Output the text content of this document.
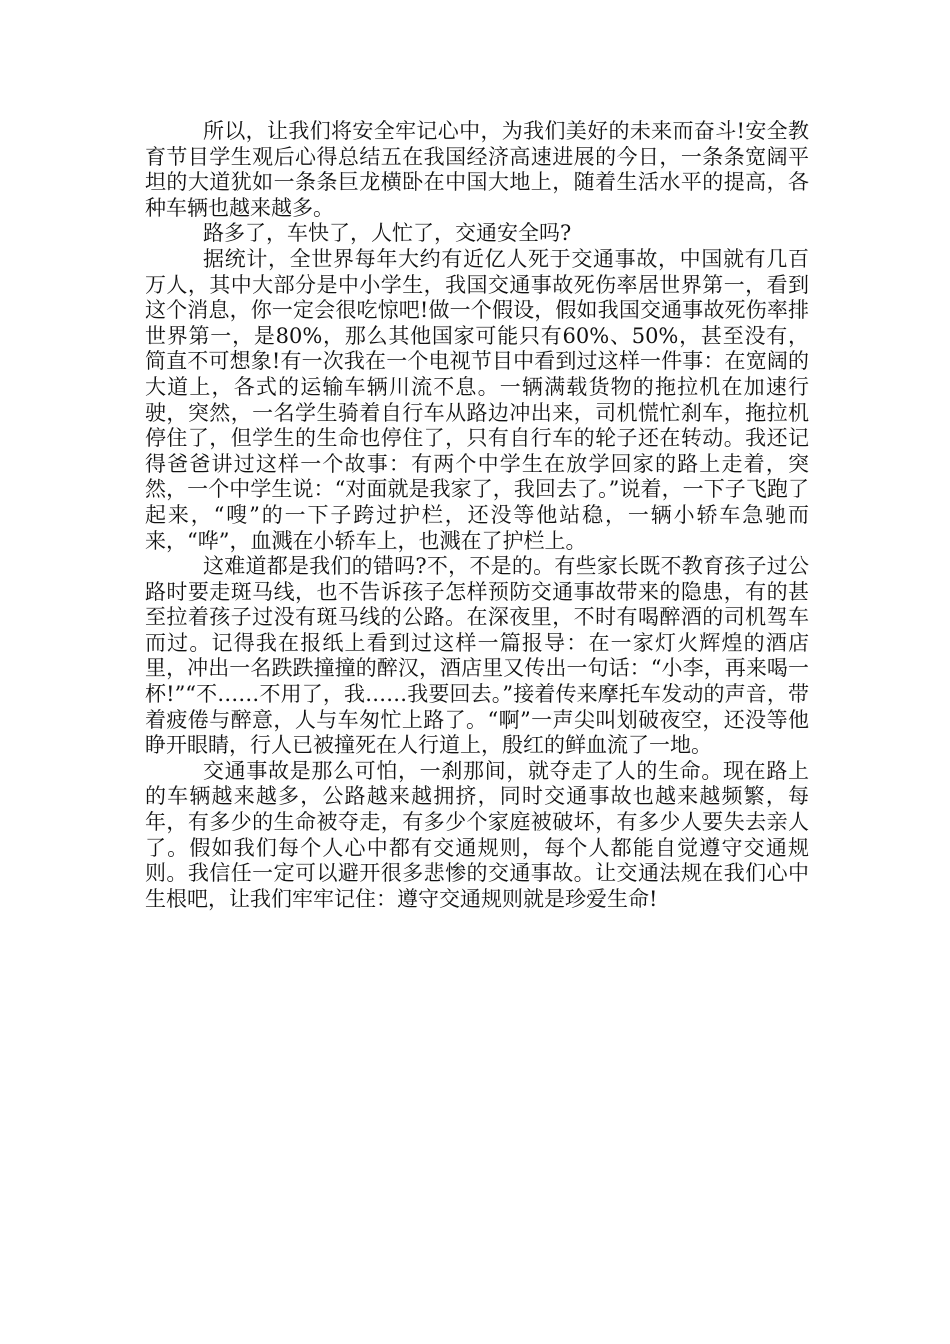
所以，让我们将安全牢记心中，为我们美好的未来而奋斗!安全教育节目学生观后心得总结五在我国经济高速进展的今日，一条条宽阔平坦的大道犹如一条条巨龙横卧在中国大地上，随着生活水平的提高，各种车辆也越来越多。

路多了，车快了，人忙了，交通安全吗?

据统计，全世界每年大约有近亿人死于交通事故，中国就有几百万人，其中大部分是中小学生，我国交通事故死伤率居世界第一，看到这个消息，你一定会很吃惊吧!做一个假设，假如我国交通事故死伤率排世界第一，是80%，那么其他国家可能只有60%、50%，甚至没有，简直不可想象!有一次我在一个电视节目中看到过这样一件事：在宽阔的大道上，各式的运输车辆川流不息。一辆满载货物的拖拉机在加速行驶，突然，一名学生骑着自行车从路边冲出来，司机慌忙刹车，拖拉机停住了，但学生的生命也停住了，只有自行车的轮子还在转动。我还记得爸爸讲过这样一个故事：有两个中学生在放学回家的路上走着，突然，一个中学生说：“对面就是我家了，我回去了。”说着，一下子飞跑了起来，“嗖”的一下子跨过护栏，还没等他站稳，一辆小轿车急驰而来，“哗”，血溅在小轿车上，也溅在了护栏上。

这难道都是我们的错吗?不，不是的。有些家长既不教育孩子过公路时要走斑马线，也不告诉孩子怎样预防交通事故带来的隐患，有的甚至拉着孩子过没有斑马线的公路。在深夜里，不时有喝醉酒的司机驾车而过。记得我在报纸上看到过这样一篇报导：在一家灯火辉煌的酒店里，冲出一名跌跌撞撞的醉汉，酒店里又传出一句话：“小李，再来喝一杯!”“不……不用了，我……我要回去。”接着传来摩托车发动的声音，带着疲倦与醉意，人与车匆忙上路了。“啊”一声尖叫划破夜空，还没等他睁开眼睛，行人已被撞死在人行道上，殷红的鲜血流了一地。

交通事故是那么可怕，一刹那间，就夺走了人的生命。现在路上的车辆越来越多，公路越来越拥挤，同时交通事故也越来越频繁，每年，有多少的生命被夺走，有多少个家庭被破坏，有多少人要失去亲人了。假如我们每个人心中都有交通规则，每个人都能自觉遵守交通规则。我信任一定可以避开很多悲惨的交通事故。让交通法规在我们心中生根吧，让我们牢牢记住：遵守交通规则就是珍爱生命!
